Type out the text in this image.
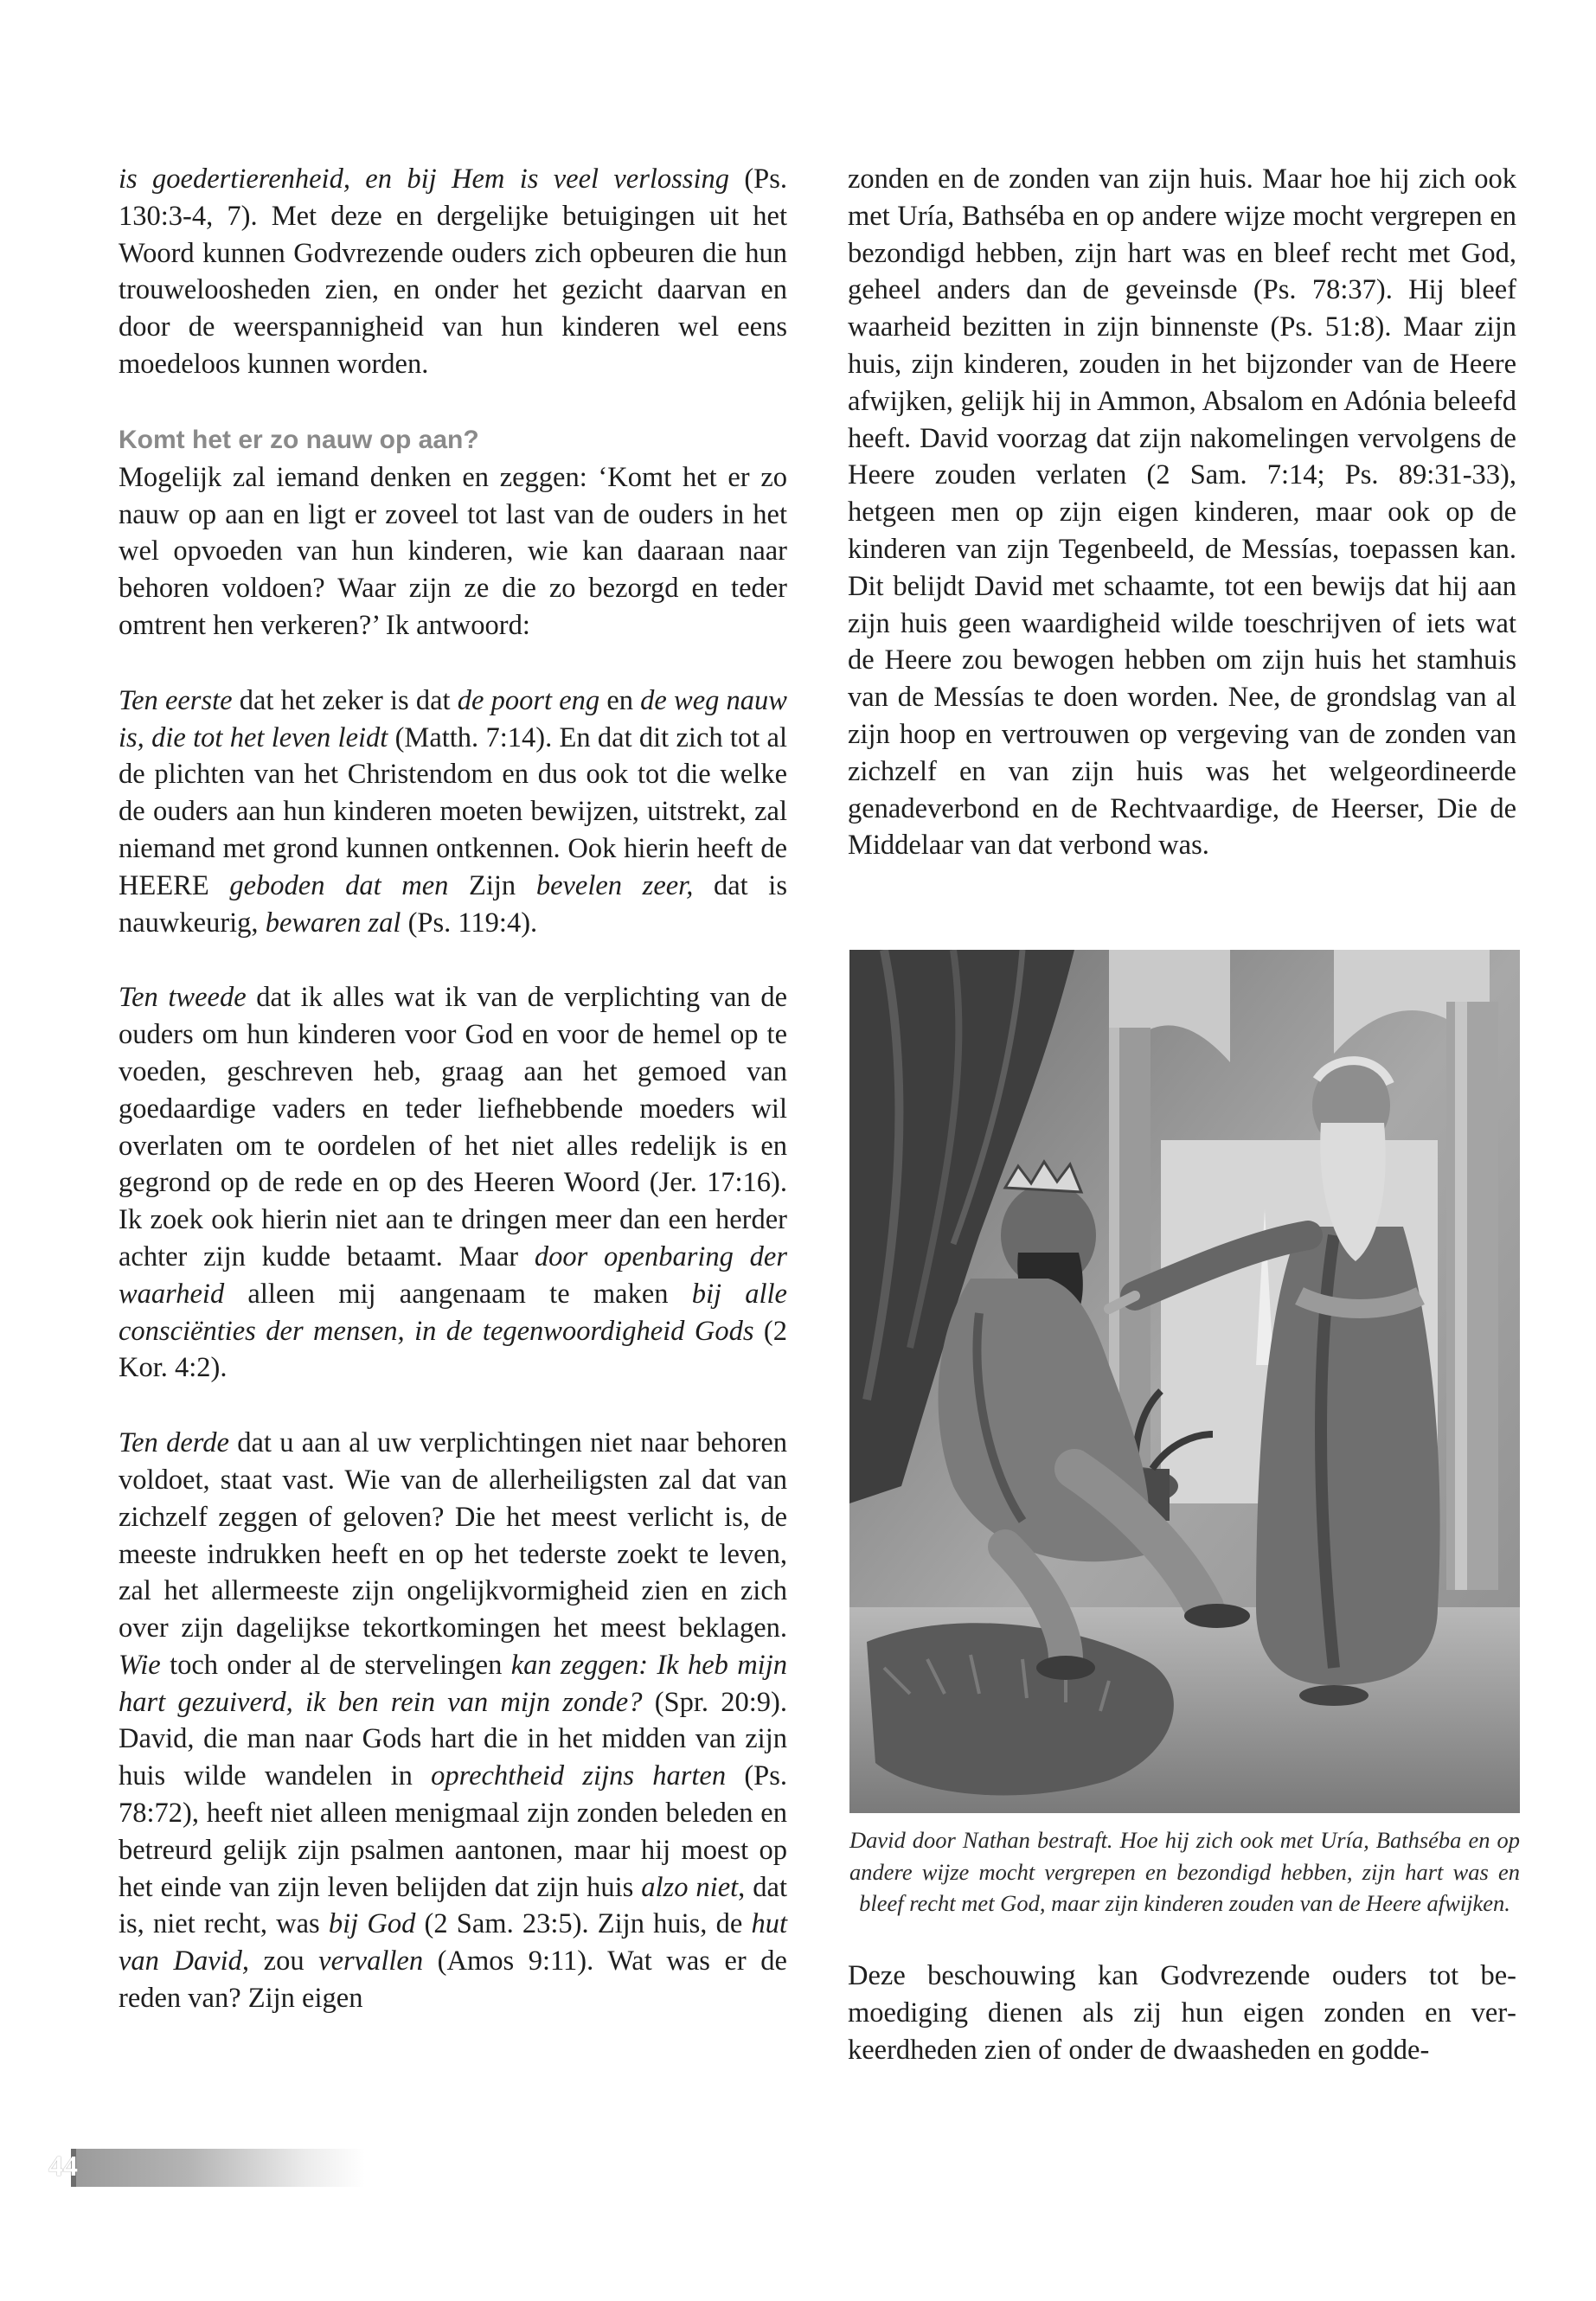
is goedertierenheid, en bij Hem is veel verlossing (Ps. 130:3-4, 7). Met deze en dergelijke betuigingen uit het Woord kunnen Godvrezende ouders zich opbeuren die hun trouweloosheden zien, en onder het gezicht daarvan en door de weerspannigheid van hun kinderen wel eens moedeloos kunnen worden.

Komt het er zo nauw op aan?

Mogelijk zal iemand denken en zeggen: ‘Komt het er zo nauw op aan en ligt er zoveel tot last van de ouders in het wel opvoeden van hun kinderen, wie kan daaraan naar behoren voldoen? Waar zijn ze die zo bezorgd en teder omtrent hen verkeren?’ Ik antwoord:

Ten eerste dat het zeker is dat de poort eng en de weg nauw is, die tot het leven leidt (Matth. 7:14). En dat dit zich tot al de plichten van het Christendom en dus ook tot die welke de ouders aan hun kinderen moeten bewijzen, uitstrekt, zal niemand met grond kunnen ontkennen. Ook hierin heeft de HEERE geboden dat men Zijn bevelen zeer, dat is nauwkeurig, bewaren zal (Ps. 119:4).

Ten tweede dat ik alles wat ik van de verplichting van de ouders om hun kinderen voor God en voor de hemel op te voeden, geschreven heb, graag aan het gemoed van goedaardige vaders en teder liefhebbende moeders wil overlaten om te oordelen of het niet alles redelijk is en gegrond op de rede en op des Heeren Woord (Jer. 17:16). Ik zoek ook hierin niet aan te dringen meer dan een herder achter zijn kudde betaamt. Maar door openbaring der waarheid alleen mij aangenaam te maken bij alle consciënties der mensen, in de tegenwoordigheid Gods (2 Kor. 4:2).

Ten derde dat u aan al uw verplichtingen niet naar behoren voldoet, staat vast. Wie van de allerheiligsten zal dat van zichzelf zeggen of geloven? Die het meest verlicht is, de meeste indrukken heeft en op het tederste zoekt te leven, zal het allermeeste zijn ongelijkvormigheid zien en zich over zijn dagelijkse tekortkomingen het meest beklagen. Wie toch onder al de stervelingen kan zeggen: Ik heb mijn hart gezuiverd, ik ben rein van mijn zonde? (Spr. 20:9). David, die man naar Gods hart die in het midden van zijn huis wilde wandelen in oprechtheid zijns harten (Ps. 78:72), heeft niet alleen menigmaal zijn zonden beleden en betreurd gelijk zijn psalmen aantonen, maar hij moest op het einde van zijn leven belijden dat zijn huis alzo niet, dat is, niet recht, was bij God (2 Sam. 23:5). Zijn huis, de hut van David, zou vervallen (Amos 9:11). Wat was er de reden van? Zijn eigen

zonden en de zonden van zijn huis. Maar hoe hij zich ook met Uría, Bathséba en op andere wijze mocht vergrepen en bezondigd hebben, zijn hart was en bleef recht met God, geheel anders dan de geveinsde (Ps. 78:37). Hij bleef waarheid bezitten in zijn binnenste (Ps. 51:8). Maar zijn huis, zijn kinderen, zouden in het bijzonder van de Heere afwijken, gelijk hij in Ammon, Absalom en Adónia beleefd heeft. David voorzag dat zijn nakomelingen vervolgens de Heere zouden verlaten (2 Sam. 7:14; Ps. 89:31-33), hetgeen men op zijn eigen kinderen, maar ook op de kinderen van zijn Tegenbeeld, de Messías, toepassen kan. Dit belijdt David met schaamte, tot een bewijs dat hij aan zijn huis geen waardigheid wilde toeschrijven of iets wat de Heere zou bewogen hebben om zijn huis het stamhuis van de Messías te doen worden. Nee, de grondslag van al zijn hoop en vertrouwen op vergeving van de zonden van zichzelf en van zijn huis was het welgeordineerde genadeverbond en de Rechtvaardige, de Heerser, Die de Middelaar van dat verbond was.

David door Nathan bestraft. Hoe hij zich ook met Uría, Bathséba en op andere wijze mocht vergrepen en bezondigd hebben, zijn hart was en bleef recht met God, maar zijn kinderen zouden van de Heere afwijken.

Deze beschouwing kan Godvrezende ouders tot bemoediging dienen als zij hun eigen zonden en verkeerdheden zien of onder de dwaasheden en godde-

44
